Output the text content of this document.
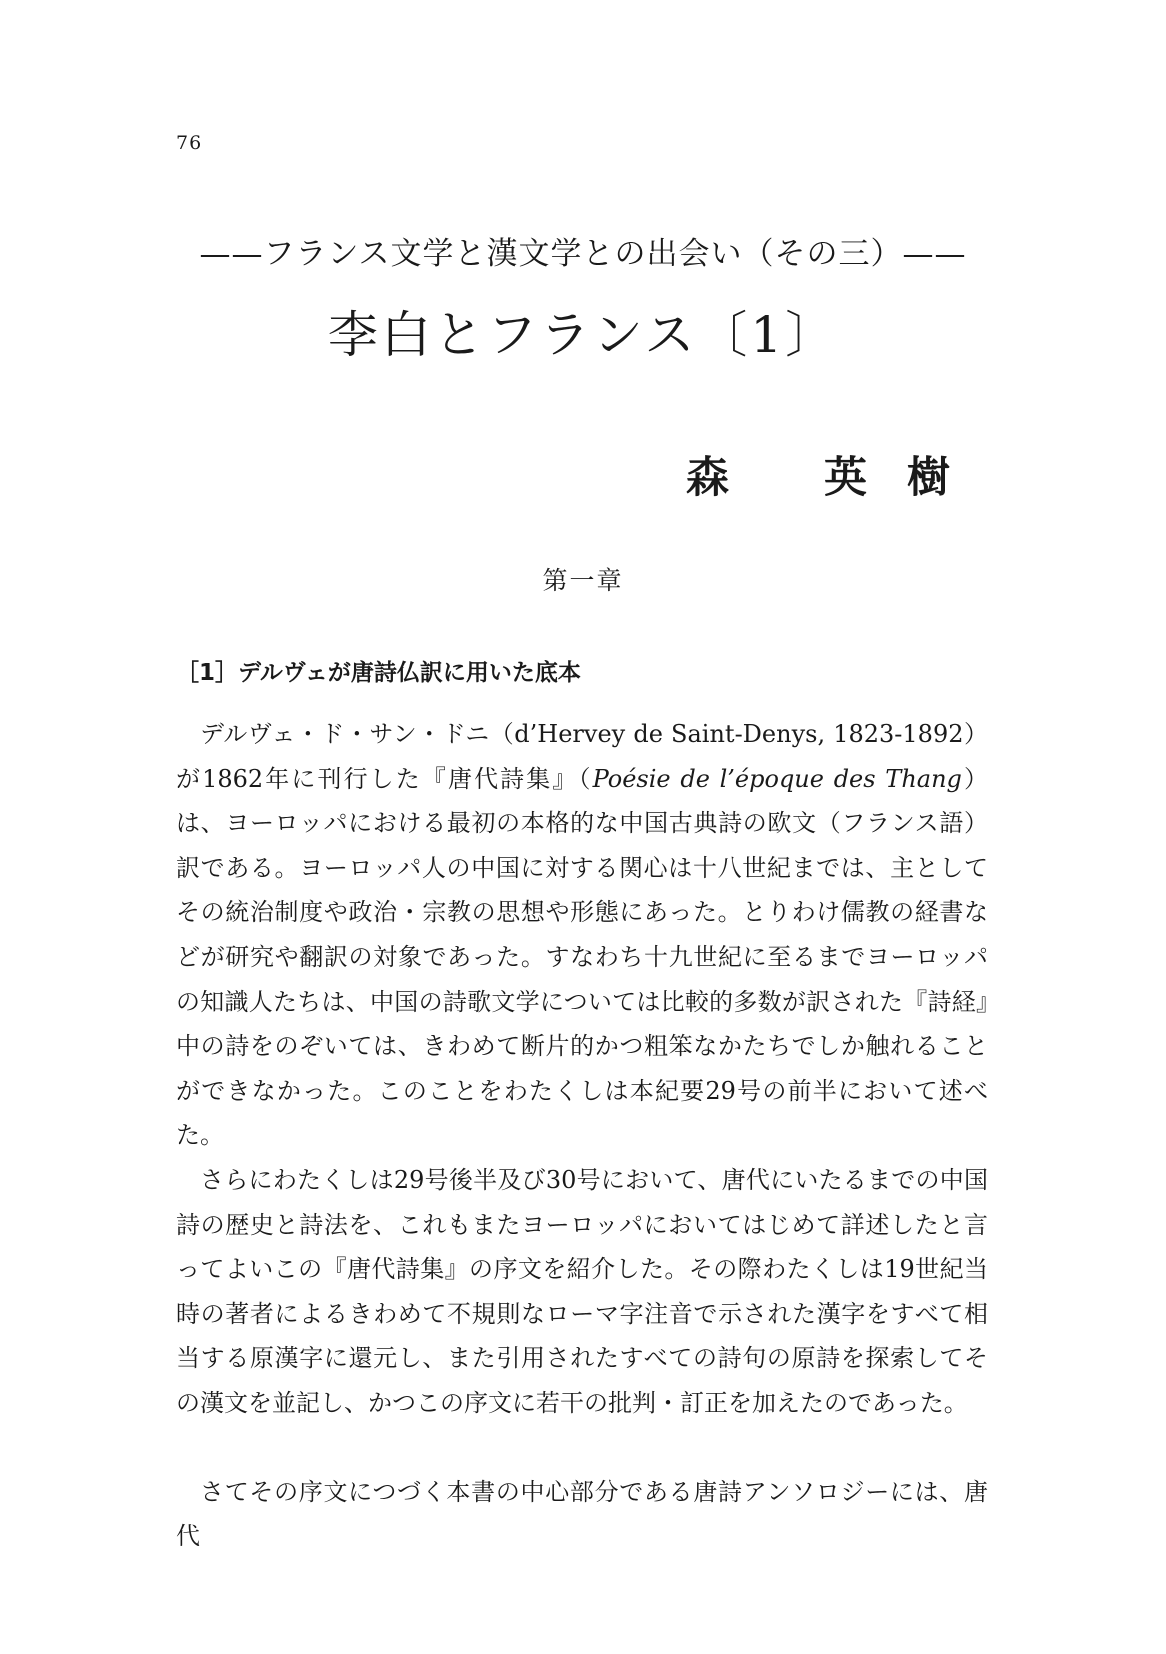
76
——フランス文学と漢文学との出会い（その三）——
李白とフランス〔1〕
森 英樹
第一章
［1］デルヴェが唐詩仏訳に用いた底本

デルヴェ・ド・サン・ドニ（d’Hervey de Saint-Denys, 1823-1892）が1862年に刊行した『唐代詩集』（Poésie de l’époque des Thang）は、ヨーロッパにおける最初の本格的な中国古典詩の欧文（フランス語）訳である。ヨーロッパ人の中国に対する関心は十八世紀までは、主としてその統治制度や政治・宗教の思想や形態にあった。とりわけ儒教の経書などが研究や翻訳の対象であった。すなわち十九世紀に至るまでヨーロッパの知識人たちは、中国の詩歌文学については比較的多数が訳された『詩経』中の詩をのぞいては、きわめて断片的かつ粗笨なかたちでしか触れることができなかった。このことをわたくしは本紀要29号の前半において述べた。

さらにわたくしは29号後半及び30号において、唐代にいたるまでの中国詩の歴史と詩法を、これもまたヨーロッパにおいてはじめて詳述したと言ってよいこの『唐代詩集』の序文を紹介した。その際わたくしは19世紀当時の著者によるきわめて不規則なローマ字注音で示された漢字をすべて相当する原漢字に還元し、また引用されたすべての詩句の原詩を探索してその漢文を並記し、かつこの序文に若干の批判・訂正を加えたのであった。

さてその序文につづく本書の中心部分である唐詩アンソロジーには、唐代
